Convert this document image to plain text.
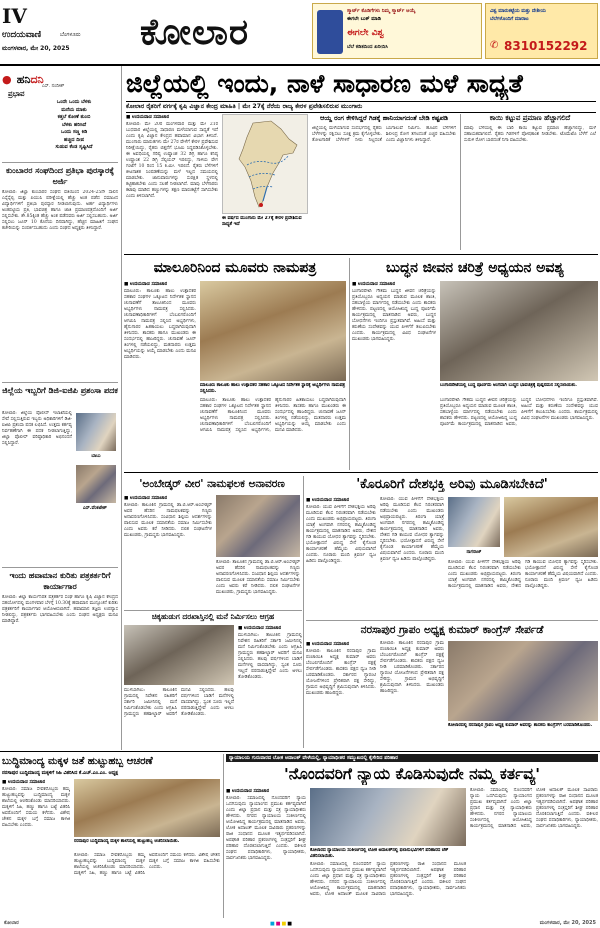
IV
ಉದಯವಾಣಿ	ಬೆಂಗಳೂರು
ಮಂಗಳವಾರ, ಮೇ 20, 2025 ಕೋಲಾರ
ಸ್ಮಾರ್ಟ್ ಕೊಡಿಗೆಗಳು ನಿಮ್ಮ ಸ್ಮಾರ್ಟ್ ಆಯ್ಕೆ
ಈಗಲೇ ಬುಕ್ ಮಾಡಿ
ಈಗಲೇ ವಿಶ್ವ
ಬೆಲೆ ಕಡಿತದಿಂದ ಖರೀದಿಸಿ
ವಿಶ್ವ ಮಾರುಕಟ್ಟೆಯ ಮತ್ತು ದೇಶೀಯ
ಬೆಲೆಗಳೊಂದಿಗೆ ಮಾರಾಟ
✆ 8310152292
● ಹನಿದನಿ
ಎಸ್. ನಂದೀಶ್
ಪ್ರಭಾವ
ಒಂದೇ ಒಂದು ಬೆಳಕು
ಮನೆಯ ಮಾತು
ಕತ್ತಲೆ ಕೋಣೆ ತುಂಬಿ
ಬೆಳಕು ಹರಿಸಿದೆ
ಒಂದು ಸಣ್ಣ ಕಿಡಿ
ಹಚ್ಚಿದ ದೀಪ
ಸುಡುವ ಕೆಂಡ ಸೃಷ್ಟಿಸಿದೆ
ಕುಂಬಾರರ ಸಂಘದಿಂದ ಪ್ರತಿಭಾ ಪುರಸ್ಕಾರಕ್ಕೆ ಅರ್ಜಿ
ಕೋಲಾರ: ಜಿಲ್ಲಾ ಕುಂಬಾರರ ಸಂಘದ ವತಿಯಿಂದ 2024-25ನೇ ಸಾಲಿನ ಎಸ್ಸೆಸ್ಸೆಲ್ಸಿ ಮತ್ತು ಪಿಯುಸಿ ಪರೀಕ್ಷೆಯಲ್ಲಿ ಹೆಚ್ಚು ಅಂಕ ಪಡೆದ ಸಮಾಜದ ವಿದ್ಯಾರ್ಥಿಗಳಿಗೆ ಪ್ರತಿಭಾ ಪುರಸ್ಕಾರ ನೀಡಲಾಗುವುದು. ಅರ್ಹ ವಿದ್ಯಾರ್ಥಿಗಳು ಅಂಕಪಟ್ಟಿಯ ಪ್ರತಿ, ಭಾವಚಿತ್ರ ಹಾಗೂ ಜಾತಿ ಪ್ರಮಾಣಪತ್ರದೊಂದಿಗೆ ಅರ್ಜಿ ಸಲ್ಲಿಸಬೇಕು. ಶೇ.85ಕ್ಕಿಂತ ಹೆಚ್ಚು ಅಂಕ ಪಡೆದವರು ಅರ್ಜಿ ಸಲ್ಲಿಸಬಹುದು. ಅರ್ಜಿ ಸಲ್ಲಿಸಲು ಜೂನ್ 10 ಕೊನೆಯ ದಿನವಾಗಿದ್ದು, ಹೆಚ್ಚಿನ ಮಾಹಿತಿಗೆ ಸಂಘದ ಕಚೇರಿಯನ್ನು ಸಂಪರ್ಕಿಸಬಹುದು ಎಂದು ಸಂಘದ ಅಧ್ಯಕ್ಷರು ತಿಳಿಸಿದ್ದಾರೆ.
ಜಿಲ್ಲೆಯ ಇಬ್ಬರಿಗೆ ಡಿಜಿ-ಐಜಿಪಿ ಪ್ರಶಂಸಾ ಪದಕ
ಕೋಲಾರ: ಜಿಲ್ಲೆಯ ಪೊಲೀಸ್ ಇಲಾಖೆಯಲ್ಲಿ ಸೇವೆ ಸಲ್ಲಿಸುತ್ತಿರುವ ಇಬ್ಬರು ಅಧಿಕಾರಿಗಳಿಗೆ ಡಿಜಿ-ಐಜಿಪಿ ಪ್ರಶಂಸಾ ಪದಕ ಲಭಿಸಿದೆ. ಉತ್ತಮ ಕರ್ತವ್ಯ ನಿರ್ವಹಣೆಗಾಗಿ ಈ ಪದಕ ನೀಡಲಾಗುತ್ತಿದ್ದು, ಜಿಲ್ಲಾ ಪೊಲೀಸ್ ವರಿಷ್ಠಾಧಿಕಾರಿ ಅಭಿನಂದನೆ ಸಲ್ಲಿಸಿದ್ದಾರೆ.
ಬಾಬು
ಎಸ್.ವೆಂಕಟೇಶ್
ಇಂದು ಹವಾಮಾನ ಕುರಿತು ಪತ್ರಕರ್ತರಿಗೆ ಕಾರ್ಯಾಗಾರ
ಕೋಲಾರ: ಜಿಲ್ಲಾ ಕಾರ್ಯನಿರತ ಪತ್ರಕರ್ತರ ಸಂಘ ಹಾಗೂ ಕೃಷಿ ವಿಜ್ಞಾನ ಕೇಂದ್ರದ ಸಹಯೋಗದಲ್ಲಿ ಮಂಗಳವಾರ ಬೆಳಗ್ಗೆ 10.30ಕ್ಕೆ ಹವಾಮಾನ ಮುನ್ಸೂಚನೆ ಕುರಿತು ಪತ್ರಕರ್ತರಿಗೆ ಕಾರ್ಯಾಗಾರ ಆಯೋಜಿಸಲಾಗಿದೆ. ಹವಾಮಾನ ತಜ್ಞರು ಉಪನ್ಯಾಸ ನೀಡಲಿದ್ದು, ಪತ್ರಕರ್ತರು ಭಾಗವಹಿಸಬೇಕು ಎಂದು ಸಂಘದ ಅಧ್ಯಕ್ಷರು ಮನವಿ ಮಾಡಿದ್ದಾರೆ.
ಜಿಲ್ಲೆಯಲ್ಲಿ ಇಂದು, ನಾಳೆ ಸಾಧಾರಣ ಮಳೆ ಸಾಧ್ಯತೆ
ಕೋಲಾರ ರೈತರಿಗೆ ವರ್ಗಕ್ಕೆ ಕೃಷಿ ವಿಜ್ಞಾನ ಕೇಂದ್ರ ಮಾಹಿತಿ | ಮೇ 27ಕ್ಕೆ ನೆರೆಯ ರಾಜ್ಯ ಕೇರಳ ಪ್ರವೇಶಿಸಲಿರುವ ಮುಂಗಾರು
■ ಉದಯವಾಣಿ ಸಮಾಚಾರ
ಕೋಲಾರ: ಮೇ 20ರ ಮಂಗಳವಾರ ಮತ್ತು ಮೇ 21ರ ಬುಧವಾರ ಜಿಲ್ಲೆಯಲ್ಲಿ ಸಾಧಾರಣ ಮಳೆಯಾಗುವ ಸಾಧ್ಯತೆ ಇದೆ ಎಂದು ಕೃಷಿ ವಿಜ್ಞಾನ ಕೇಂದ್ರದ ಹವಾಮಾನ ವಿಭಾಗ ತಿಳಿಸಿದೆ. ಮುಂಗಾರು ಮಾರುತಗಳು ಮೇ 27ರ ವೇಳೆಗೆ ಕೇರಳ ಪ್ರವೇಶಿಸುವ ನಿರೀಕ್ಷೆಯಿದ್ದು, ರೈತರು ಬಿತ್ತನೆಗೆ ಭೂಮಿ ಸಿದ್ಧಪಡಿಸಿಕೊಳ್ಳಬೇಕು. ಈ ಅವಧಿಯಲ್ಲಿ ಗರಿಷ್ಠ ಉಷ್ಣಾಂಶ 32 ಡಿಗ್ರಿ ಹಾಗೂ ಕನಿಷ್ಠ ಉಷ್ಣಾಂಶ 22 ಡಿಗ್ರಿ ಸೆಲ್ಸಿಯಸ್ ಇರಲಿದ್ದು, ಗಾಳಿಯ ವೇಗ ಗಂಟೆಗೆ 10 ರಿಂದ 15 ಕಿ.ಮೀ. ಇರಲಿದೆ. ರೈತರು ಬೆಳೆಗಳಿಗೆ ಕೀಟನಾಶಕ ಸಿಂಪಡಣೆಯನ್ನು ಮಳೆ ಇಲ್ಲದ ಸಮಯದಲ್ಲಿ ಮಾಡಬೇಕು. ಜಾನುವಾರುಗಳನ್ನು ಸುರಕ್ಷಿತ ಸ್ಥಳದಲ್ಲಿ ಕಟ್ಟಿಹಾಕಬೇಕು ಎಂದು ಸಲಹೆ ನೀಡಲಾಗಿದೆ. ಮಾವು ಬೆಳೆಗಾರರು ಕಟಾವು ಮಾಡಿದ ಹಣ್ಣುಗಳನ್ನು ತಕ್ಷಣ ಮಾರುಕಟ್ಟೆಗೆ ಸಾಗಿಸಬೇಕು ಎಂದು ತಿಳಿಸಲಾಗಿದೆ.
ಈ ವರ್ಷದ ಮುಂಗಾರು ಮೇ 27ಕ್ಕೆ ಕೇರಳ ಪ್ರವೇಶಿಸುವ ಸಾಧ್ಯತೆ ಇದೆ
ಆಯ್ದ ರಂಗ ಕೇಳಿಸಿದ್ದರೆ ಗಿಡಕ್ಕೆ ಹಾನಿಯಾಗದಂತೆ ಬೇಡಿ ಕಷ್ಟಪಡಿ
ಜಿಲ್ಲೆಯಲ್ಲಿ ಮಳೆಯಾಗುವ ಸಂದರ್ಭದಲ್ಲಿ ರೈತರು ಬೆಳೆಗಳನ್ನು ರಕ್ಷಿಸಲು ಸೂಕ್ತ ಕ್ರಮ ಕೈಗೊಳ್ಳಬೇಕು. ತೋಟಗಾರಿಕೆ ಬೆಳೆಗಳಿಗೆ ನೀರು ನಿಲ್ಲದಂತೆ ಬಸಿಗಾಲುವೆ ನಿರ್ಮಿಸಿ. ಹೂವಿನ ಬೆಳೆಗಳಿಗೆ ಶಿಲೀಂಧ್ರ ರೋಗ ತಗಲದಂತೆ ಎಚ್ಚರ ವಹಿಸಬೇಕು ಎಂದು ವಿಜ್ಞಾನಿಗಳು ತಿಳಿಸಿದ್ದಾರೆ.
ಕಾಯಿ ಕಟ್ಟುವ ಪ್ರಮಾಣ ಹೆಚ್ಚಾಗಲಿದೆ
ಮಾವು ಬೆಳೆಯಲ್ಲಿ ಈ ಬಾರಿ ಕಾಯಿ ಕಟ್ಟುವ ಪ್ರಮಾಣ ಹೆಚ್ಚಾಗಲಿದ್ದು, ಮಳೆ ಸಹಾಯಕವಾಗಲಿದೆ. ರೈತರು ಗಿಡಗಳಿಗೆ ಪೋಷಕಾಂಶ ನೀಡಬೇಕು. ಟೊಮೆಟೊ ಬೆಳೆಗೆ ಎಲೆ ಸುರುಳಿ ರೋಗ ಬಾರದಂತೆ ನಿಗಾ ವಹಿಸಬೇಕು.
ಮಾಲೂರಿನಿಂದ ಮೂವರು ನಾಮಪತ್ರ
■ ಉದಯವಾಣಿ ಸಮಾಚಾರ
ಮಾಲೂರು: ತಾಲೂಕು ಹಾಲು ಉತ್ಪಾದಕರ ಸಹಕಾರ ಸಂಘಗಳ ಒಕ್ಕೂಟದ ನಿರ್ದೇಶಕ ಸ್ಥಾನದ ಚುನಾವಣೆಗೆ ತಾಲೂಕಿನಿಂದ ಮೂವರು ಅಭ್ಯರ್ಥಿಗಳು ನಾಮಪತ್ರ ಸಲ್ಲಿಸಿದರು. ಚುನಾವಣಾಧಿಕಾರಿಗಳಿಗೆ ಬೆಂಬಲಿಗರೊಂದಿಗೆ ಆಗಮಿಸಿ ನಾಮಪತ್ರ ಸಲ್ಲಿಸಿದ ಅಭ್ಯರ್ಥಿಗಳು, ಹೈನುಗಾರರ ಹಿತಕಾಯಲು ಬದ್ಧರಾಗಿರುವುದಾಗಿ ತಿಳಿಸಿದರು. ಶಾಸಕರು ಹಾಗೂ ಮುಖಂಡರು ಈ ಸಂದರ್ಭದಲ್ಲಿ ಹಾಜರಿದ್ದರು. ಚುನಾವಣೆ ಜೂನ್ ತಿಂಗಳಲ್ಲಿ ನಡೆಯಲಿದ್ದು, ಮತದಾರರು ಉತ್ತಮ ಅಭ್ಯರ್ಥಿಯನ್ನು ಆಯ್ಕೆ ಮಾಡಬೇಕು ಎಂದು ಮನವಿ ಮಾಡಿದರು.
ಮಾಲೂರು ತಾಲೂಕು ಹಾಲು ಉತ್ಪಾದಕರ ಸಹಕಾರ ಒಕ್ಕೂಟದ ನಿರ್ದೇಶಕ ಸ್ಥಾನಕ್ಕೆ ಅಭ್ಯರ್ಥಿಗಳು ನಾಮಪತ್ರ ಸಲ್ಲಿಸಿದರು.
ಮಾಲೂರು: ತಾಲೂಕು ಹಾಲು ಉತ್ಪಾದಕರ ಸಹಕಾರ ಸಂಘಗಳ ಒಕ್ಕೂಟದ ನಿರ್ದೇಶಕ ಸ್ಥಾನದ ಚುನಾವಣೆಗೆ ತಾಲೂಕಿನಿಂದ ಮೂವರು ಅಭ್ಯರ್ಥಿಗಳು ನಾಮಪತ್ರ ಸಲ್ಲಿಸಿದರು. ಚುನಾವಣಾಧಿಕಾರಿಗಳಿಗೆ ಬೆಂಬಲಿಗರೊಂದಿಗೆ ಆಗಮಿಸಿ ನಾಮಪತ್ರ ಸಲ್ಲಿಸಿದ ಅಭ್ಯರ್ಥಿಗಳು, ಹೈನುಗಾರರ ಹಿತಕಾಯಲು ಬದ್ಧರಾಗಿರುವುದಾಗಿ ತಿಳಿಸಿದರು. ಶಾಸಕರು ಹಾಗೂ ಮುಖಂಡರು ಈ ಸಂದರ್ಭದಲ್ಲಿ ಹಾಜರಿದ್ದರು. ಚುನಾವಣೆ ಜೂನ್ ತಿಂಗಳಲ್ಲಿ ನಡೆಯಲಿದ್ದು, ಮತದಾರರು ಉತ್ತಮ ಅಭ್ಯರ್ಥಿಯನ್ನು ಆಯ್ಕೆ ಮಾಡಬೇಕು ಎಂದು ಮನವಿ ಮಾಡಿದರು.
ಬುದ್ಧನ ಜೀವನ ಚರಿತ್ರೆ ಅಧ್ಯಯನ ಅವಶ್ಯ
■ ಉದಯವಾಣಿ ಸಮಾಚಾರ
ಬಂಗಾರಪೇಟೆ: ಗೌತಮ ಬುದ್ಧನ ಜೀವನ ಚರಿತ್ರೆಯನ್ನು ಪ್ರತಿಯೊಬ್ಬರೂ ಅಧ್ಯಯನ ಮಾಡುವ ಮೂಲಕ ಶಾಂತಿ, ಸಹಬಾಳ್ವೆಯ ಮಾರ್ಗದಲ್ಲಿ ನಡೆಯಬೇಕು ಎಂದು ಶಾಸಕರು ಹೇಳಿದರು. ಪಟ್ಟಣದಲ್ಲಿ ಆಯೋಜಿಸಿದ್ದ ಬುದ್ಧ ಪೂರ್ಣಿಮೆ ಕಾರ್ಯಕ್ರಮದಲ್ಲಿ ಮಾತನಾಡಿದ ಅವರು, ಬುದ್ಧನ ಬೋಧನೆಗಳು ಇಂದಿಗೂ ಪ್ರಸ್ತುತವಾಗಿವೆ. ಅಹಿಂಸೆ ಮತ್ತು ಕರುಣೆಯ ಸಂದೇಶವನ್ನು ಯುವ ಪೀಳಿಗೆಗೆ ತಲುಪಿಸಬೇಕು ಎಂದರು. ಕಾರ್ಯಕ್ರಮದಲ್ಲಿ ವಿವಿಧ ಸಂಘಟನೆಗಳ ಮುಖಂಡರು ಭಾಗವಹಿಸಿದ್ದರು.
ಬಂಗಾರಪೇಟೆಯಲ್ಲಿ ಬುದ್ಧ ಪೂರ್ಣಿಮೆ ಅಂಗವಾಗಿ ಬುದ್ಧನ ಭಾವಚಿತ್ರಕ್ಕೆ ಪುಷ್ಪನಮನ ಸಲ್ಲಿಸಲಾಯಿತು.
ಬಂಗಾರಪೇಟೆ: ಗೌತಮ ಬುದ್ಧನ ಜೀವನ ಚರಿತ್ರೆಯನ್ನು ಪ್ರತಿಯೊಬ್ಬರೂ ಅಧ್ಯಯನ ಮಾಡುವ ಮೂಲಕ ಶಾಂತಿ, ಸಹಬಾಳ್ವೆಯ ಮಾರ್ಗದಲ್ಲಿ ನಡೆಯಬೇಕು ಎಂದು ಶಾಸಕರು ಹೇಳಿದರು. ಪಟ್ಟಣದಲ್ಲಿ ಆಯೋಜಿಸಿದ್ದ ಬುದ್ಧ ಪೂರ್ಣಿಮೆ ಕಾರ್ಯಕ್ರಮದಲ್ಲಿ ಮಾತನಾಡಿದ ಅವರು, ಬುದ್ಧನ ಬೋಧನೆಗಳು ಇಂದಿಗೂ ಪ್ರಸ್ತುತವಾಗಿವೆ. ಅಹಿಂಸೆ ಮತ್ತು ಕರುಣೆಯ ಸಂದೇಶವನ್ನು ಯುವ ಪೀಳಿಗೆಗೆ ತಲುಪಿಸಬೇಕು ಎಂದರು. ಕಾರ್ಯಕ್ರಮದಲ್ಲಿ ವಿವಿಧ ಸಂಘಟನೆಗಳ ಮುಖಂಡರು ಭಾಗವಹಿಸಿದ್ದರು.
'ಅಂಬೇಡ್ಕರ್ ವೀರ' ನಾಮಫಲಕ ಅನಾವರಣ
■ ಉದಯವಾಣಿ ಸಮಾಚಾರ
ಕೋಲಾರ: ತಾಲೂಕಿನ ಗ್ರಾಮದಲ್ಲಿ ಡಾ.ಬಿ.ಆರ್.ಅಂಬೇಡ್ಕರ್ ಅವರ ಹೆಸರಿನ ನಾಮಫಲಕವನ್ನು ಗಣ್ಯರು ಅನಾವರಣಗೊಳಿಸಿದರು. ಸಂವಿಧಾನ ಶಿಲ್ಪಿಯ ಆದರ್ಶಗಳನ್ನು ಪಾಲಿಸುವ ಮೂಲಕ ಸಮಾನತೆಯ ಸಮಾಜ ನಿರ್ಮಿಸಬೇಕು ಎಂದು ಅವರು ಕರೆ ನೀಡಿದರು. ದಲಿತ ಸಂಘಟನೆಗಳ ಮುಖಂಡರು, ಗ್ರಾಮಸ್ಥರು ಭಾಗವಹಿಸಿದ್ದರು.
ಕೋಲಾರ: ತಾಲೂಕಿನ ಗ್ರಾಮದಲ್ಲಿ ಡಾ.ಬಿ.ಆರ್.ಅಂಬೇಡ್ಕರ್ ಅವರ ಹೆಸರಿನ ನಾಮಫಲಕವನ್ನು ಗಣ್ಯರು ಅನಾವರಣಗೊಳಿಸಿದರು. ಸಂವಿಧಾನ ಶಿಲ್ಪಿಯ ಆದರ್ಶಗಳನ್ನು ಪಾಲಿಸುವ ಮೂಲಕ ಸಮಾನತೆಯ ಸಮಾಜ ನಿರ್ಮಿಸಬೇಕು ಎಂದು ಅವರು ಕರೆ ನೀಡಿದರು. ದಲಿತ ಸಂಘಟನೆಗಳ ಮುಖಂಡರು, ಗ್ರಾಮಸ್ಥರು ಭಾಗವಹಿಸಿದ್ದರು.
'ಕೊರೂರಿಗೆ ದೇಶಭಕ್ತಿ ಅರಿವು ಮೂಡಿಸಬೇಕಿದೆ'
■ ಉದಯವಾಣಿ ಸಮಾಚಾರ
ಕೋಲಾರ: ಯುವ ಪೀಳಿಗೆಗೆ ದೇಶಭಕ್ತಿಯ ಅರಿವು ಮೂಡಿಸುವ ಕೆಲಸ ನಿರಂತರವಾಗಿ ನಡೆಯಬೇಕು ಎಂದು ಮುಖಂಡರು ಅಭಿಪ್ರಾಯಪಟ್ಟರು. ತಿರಂಗಾ ಯಾತ್ರೆ ಅಂಗವಾಗಿ ನಗರದಲ್ಲಿ ಹಮ್ಮಿಕೊಂಡಿದ್ದ ಕಾರ್ಯಕ್ರಮದಲ್ಲಿ ಮಾತನಾಡಿದ ಅವರು, ದೇಶದ ಗಡಿ ಕಾಯುವ ಯೋಧರ ತ್ಯಾಗವನ್ನು ಸ್ಮರಿಸಬೇಕು. ಭಯೋತ್ಪಾದನೆ ವಿರುದ್ಧ ಸೇನೆ ಕೈಗೊಂಡ ಕಾರ್ಯಾಚರಣೆ ಹೆಮ್ಮೆಯ ವಿಷಯವಾಗಿದೆ ಎಂದರು. ನೂರಾರು ಮಂದಿ ತ್ರಿವರ್ಣ ಧ್ವಜ ಹಿಡಿದು ಪಾಲ್ಗೊಂಡಿದ್ದರು.
ಕೋಲಾರ: ಯುವ ಪೀಳಿಗೆಗೆ ದೇಶಭಕ್ತಿಯ ಅರಿವು ಮೂಡಿಸುವ ಕೆಲಸ ನಿರಂತರವಾಗಿ ನಡೆಯಬೇಕು ಎಂದು ಮುಖಂಡರು ಅಭಿಪ್ರಾಯಪಟ್ಟರು. ತಿರಂಗಾ ಯಾತ್ರೆ ಅಂಗವಾಗಿ ನಗರದಲ್ಲಿ ಹಮ್ಮಿಕೊಂಡಿದ್ದ ಕಾರ್ಯಕ್ರಮದಲ್ಲಿ ಮಾತನಾಡಿದ ಅವರು, ದೇಶದ ಗಡಿ ಕಾಯುವ ಯೋಧರ ತ್ಯಾಗವನ್ನು ಸ್ಮರಿಸಬೇಕು. ಭಯೋತ್ಪಾದನೆ ವಿರುದ್ಧ ಸೇನೆ ಕೈಗೊಂಡ ಕಾರ್ಯಾಚರಣೆ ಹೆಮ್ಮೆಯ ವಿಷಯವಾಗಿದೆ ಎಂದರು. ನೂರಾರು ಮಂದಿ ತ್ರಿವರ್ಣ ಧ್ವಜ ಹಿಡಿದು ಪಾಲ್ಗೊಂಡಿದ್ದರು.
ನಾಗರಾಜ್
ಕೋಲಾರ: ಯುವ ಪೀಳಿಗೆಗೆ ದೇಶಭಕ್ತಿಯ ಅರಿವು ಮೂಡಿಸುವ ಕೆಲಸ ನಿರಂತರವಾಗಿ ನಡೆಯಬೇಕು ಎಂದು ಮುಖಂಡರು ಅಭಿಪ್ರಾಯಪಟ್ಟರು. ತಿರಂಗಾ ಯಾತ್ರೆ ಅಂಗವಾಗಿ ನಗರದಲ್ಲಿ ಹಮ್ಮಿಕೊಂಡಿದ್ದ ಕಾರ್ಯಕ್ರಮದಲ್ಲಿ ಮಾತನಾಡಿದ ಅವರು, ದೇಶದ ಗಡಿ ಕಾಯುವ ಯೋಧರ ತ್ಯಾಗವನ್ನು ಸ್ಮರಿಸಬೇಕು. ಭಯೋತ್ಪಾದನೆ ವಿರುದ್ಧ ಸೇನೆ ಕೈಗೊಂಡ ಕಾರ್ಯಾಚರಣೆ ಹೆಮ್ಮೆಯ ವಿಷಯವಾಗಿದೆ ಎಂದರು. ನೂರಾರು ಮಂದಿ ತ್ರಿವರ್ಣ ಧ್ವಜ ಹಿಡಿದು ಪಾಲ್ಗೊಂಡಿದ್ದರು.
ಚಿಕ್ಕಹುಡುಗ ದರಖಾಸ್ತಿನಲ್ಲಿ ಮನೆ ನಿರ್ಮಿಸಲು ಆಗ್ರಹ
■ ಉದಯವಾಣಿ ಸಮಾಚಾರ
ಮುಳಬಾಗಿಲು: ತಾಲೂಕಿನ ಗ್ರಾಮದಲ್ಲಿ ನಿವೇಶನ ರಹಿತರಿಗೆ ಸರ್ಕಾರಿ ಜಮೀನಿನಲ್ಲಿ ಮನೆ ನಿರ್ಮಿಸಿಕೊಡಬೇಕು ಎಂದು ಆಗ್ರಹಿಸಿ ಗ್ರಾಮಸ್ಥರು ತಹಶೀಲ್ದಾರ್ ಅವರಿಗೆ ಮನವಿ ಸಲ್ಲಿಸಿದರು. ಹಲವು ವರ್ಷಗಳಿಂದ ಬಾಡಿಗೆ ಮನೆಗಳಲ್ಲಿ ವಾಸವಾಗಿದ್ದು, ಸ್ವಂತ ಸೂರು ಇಲ್ಲದೆ ಪರದಾಡುತ್ತಿದ್ದೇವೆ ಎಂದು ಅಳಲು ತೋಡಿಕೊಂಡರು.
ಮುಳಬಾಗಿಲು: ತಾಲೂಕಿನ ಗ್ರಾಮದಲ್ಲಿ ನಿವೇಶನ ರಹಿತರಿಗೆ ಸರ್ಕಾರಿ ಜಮೀನಿನಲ್ಲಿ ಮನೆ ನಿರ್ಮಿಸಿಕೊಡಬೇಕು ಎಂದು ಆಗ್ರಹಿಸಿ ಗ್ರಾಮಸ್ಥರು ತಹಶೀಲ್ದಾರ್ ಅವರಿಗೆ ಮನವಿ ಸಲ್ಲಿಸಿದರು. ಹಲವು ವರ್ಷಗಳಿಂದ ಬಾಡಿಗೆ ಮನೆಗಳಲ್ಲಿ ವಾಸವಾಗಿದ್ದು, ಸ್ವಂತ ಸೂರು ಇಲ್ಲದೆ ಪರದಾಡುತ್ತಿದ್ದೇವೆ ಎಂದು ಅಳಲು ತೋಡಿಕೊಂಡರು.
ನರಸಾಪುರ ಗ್ರಾಪಂ ಅಧ್ಯಕ್ಷ ಕುಮಾರ್ ಕಾಂಗ್ರೆಸ್ ಸೇರ್ಪಡೆ
■ ಉದಯವಾಣಿ ಸಮಾಚಾರ
ಕೋಲಾರ: ತಾಲೂಕಿನ ನರಸಾಪುರ ಗ್ರಾಮ ಪಂಚಾಯಿತಿ ಅಧ್ಯಕ್ಷ ಕುಮಾರ್ ಅವರು ಬೆಂಬಲಿಗರೊಂದಿಗೆ ಕಾಂಗ್ರೆಸ್ ಪಕ್ಷಕ್ಕೆ ಸೇರ್ಪಡೆಗೊಂಡರು. ಶಾಸಕರು ಪಕ್ಷದ ಧ್ವಜ ನೀಡಿ ಬರಮಾಡಿಕೊಂಡರು. ಸರ್ಕಾರದ ಗ್ಯಾರಂಟಿ ಯೋಜನೆಗಳಿಂದ ಪ್ರೇರಿತರಾಗಿ ಪಕ್ಷ ಸೇರಿದ್ದು, ಗ್ರಾಮದ ಅಭಿವೃದ್ಧಿಗೆ ಶ್ರಮಿಸುವುದಾಗಿ ತಿಳಿಸಿದರು. ಮುಖಂಡರು ಹಾಜರಿದ್ದರು.
ಕೋಲಾರ: ತಾಲೂಕಿನ ನರಸಾಪುರ ಗ್ರಾಮ ಪಂಚಾಯಿತಿ ಅಧ್ಯಕ್ಷ ಕುಮಾರ್ ಅವರು ಬೆಂಬಲಿಗರೊಂದಿಗೆ ಕಾಂಗ್ರೆಸ್ ಪಕ್ಷಕ್ಕೆ ಸೇರ್ಪಡೆಗೊಂಡರು. ಶಾಸಕರು ಪಕ್ಷದ ಧ್ವಜ ನೀಡಿ ಬರಮಾಡಿಕೊಂಡರು. ಸರ್ಕಾರದ ಗ್ಯಾರಂಟಿ ಯೋಜನೆಗಳಿಂದ ಪ್ರೇರಿತರಾಗಿ ಪಕ್ಷ ಸೇರಿದ್ದು, ಗ್ರಾಮದ ಅಭಿವೃದ್ಧಿಗೆ ಶ್ರಮಿಸುವುದಾಗಿ ತಿಳಿಸಿದರು. ಮುಖಂಡರು ಹಾಜರಿದ್ದರು.
ಕೋಲಾರದಲ್ಲಿ ನರಸಾಪುರ ಗ್ರಾಪಂ ಅಧ್ಯಕ್ಷ ಕುಮಾರ್ ಅವರನ್ನು ಶಾಸಕರು ಕಾಂಗ್ರೆಸ್‌ಗೆ ಬರಮಾಡಿಕೊಂಡರು.
ಬುದ್ಧಿಮಾಂದ್ಯ ಮಕ್ಕಳ ಜತೆ ಹುಟ್ಟುಹಬ್ಬ ಆಚರಣೆ
ನರಸಾಪುರ ಬುದ್ಧಿಮಾಂದ್ಯ ಮಕ್ಕಳಿಗೆ ಸಿಹಿ ವಿತರಿಸಿದ ಕೆ.ಎಚ್.ಎಂ.ಎಂ. ಅಧ್ಯಕ್ಷ
■ ಉದಯವಾಣಿ ಸಮಾಚಾರ
ಕೋಲಾರ: ಸಮಾಜ ಸೇವಕರೊಬ್ಬರು ತಮ್ಮ ಹುಟ್ಟುಹಬ್ಬವನ್ನು ಬುದ್ಧಿಮಾಂದ್ಯ ಮಕ್ಕಳ ಶಾಲೆಯಲ್ಲಿ ಆಚರಿಸಿಕೊಂಡು ಮಾದರಿಯಾದರು. ಮಕ್ಕಳಿಗೆ ಸಿಹಿ, ಹಣ್ಣು ಹಾಗೂ ಬಟ್ಟೆ ವಿತರಿಸಿ ಅವರೊಂದಿಗೆ ಸಮಯ ಕಳೆದರು. ವಿಶೇಷ ಚೇತನ ಮಕ್ಕಳ ಬಗ್ಗೆ ಸಮಾಜ ಕಾಳಜಿ ವಹಿಸಬೇಕು ಎಂದರು.
ನರಸಾಪುರ ಬುದ್ಧಿಮಾಂದ್ಯ ಮಕ್ಕಳ ಶಾಲೆಯಲ್ಲಿ ಹುಟ್ಟುಹಬ್ಬ ಆಚರಿಸಲಾಯಿತು.
ಕೋಲಾರ: ಸಮಾಜ ಸೇವಕರೊಬ್ಬರು ತಮ್ಮ ಹುಟ್ಟುಹಬ್ಬವನ್ನು ಬುದ್ಧಿಮಾಂದ್ಯ ಮಕ್ಕಳ ಶಾಲೆಯಲ್ಲಿ ಆಚರಿಸಿಕೊಂಡು ಮಾದರಿಯಾದರು. ಮಕ್ಕಳಿಗೆ ಸಿಹಿ, ಹಣ್ಣು ಹಾಗೂ ಬಟ್ಟೆ ವಿತರಿಸಿ ಅವರೊಂದಿಗೆ ಸಮಯ ಕಳೆದರು. ವಿಶೇಷ ಚೇತನ ಮಕ್ಕಳ ಬಗ್ಗೆ ಸಮಾಜ ಕಾಳಜಿ ವಹಿಸಬೇಕು ಎಂದರು.
ನ್ಯಾಯಾಲಯ ಗುರುವಾರದ ಲೋಕ ಅದಾಲತ್ ವೇಳೆಯಲ್ಲಿ, ನ್ಯಾಯಾಧೀಶರ ಸಮ್ಮುಖದಲ್ಲಿ ಕೈಸೇರಿದ ಪರಿಹಾರ
'ನೊಂದವರಿಗೆ ನ್ಯಾಯ ಕೊಡಿಸುವುದೇ ನಮ್ಮ ಕರ್ತವ್ಯ'
■ ಉದಯವಾಣಿ ಸಮಾಚಾರ
ಕೋಲಾರ: ಸಮಾಜದಲ್ಲಿ ನೊಂದವರಿಗೆ ನ್ಯಾಯ ಒದಗಿಸುವುದು ನ್ಯಾಯಾಂಗದ ಪ್ರಮುಖ ಕರ್ತವ್ಯವಾಗಿದೆ ಎಂದು ಜಿಲ್ಲಾ ಪ್ರಧಾನ ಮತ್ತು ಸತ್ರ ನ್ಯಾಯಾಧೀಶರು ಹೇಳಿದರು. ನಗರದ ನ್ಯಾಯಾಲಯ ಸಂಕೀರ್ಣದಲ್ಲಿ ಆಯೋಜಿಸಿದ್ದ ಕಾರ್ಯಕ್ರಮದಲ್ಲಿ ಮಾತನಾಡಿದ ಅವರು, ಲೋಕ ಅದಾಲತ್ ಮೂಲಕ ಸಾವಿರಾರು ಪ್ರಕರಣಗಳನ್ನು ರಾಜಿ ಸಂಧಾನದ ಮೂಲಕ ಇತ್ಯರ್ಥಪಡಿಸಲಾಗಿದೆ. ಅಪಘಾತ ಪರಿಹಾರ ಪ್ರಕರಣಗಳಲ್ಲಿ ಸಂತ್ರಸ್ತರಿಗೆ ಶೀಘ್ರ ಪರಿಹಾರ ದೊರಕಿಸಲಾಗುತ್ತಿದೆ ಎಂದರು. ವಕೀಲರ ಸಂಘದ ಪದಾಧಿಕಾರಿಗಳು, ನ್ಯಾಯಾಧೀಶರು, ಸಾರ್ವಜನಿಕರು ಭಾಗವಹಿಸಿದ್ದರು.
ಕೋಲಾರದ ನ್ಯಾಯಾಲಯ ಸಂಕೀರ್ಣದಲ್ಲಿ ಲೋಕ ಅದಾಲತ್‌ನಲ್ಲಿ ಫಲಾನುಭವಿಗಳಿಗೆ ಪರಿಹಾರದ ಚೆಕ್ ವಿತರಿಸಲಾಯಿತು.
ಕೋಲಾರ: ಸಮಾಜದಲ್ಲಿ ನೊಂದವರಿಗೆ ನ್ಯಾಯ ಒದಗಿಸುವುದು ನ್ಯಾಯಾಂಗದ ಪ್ರಮುಖ ಕರ್ತವ್ಯವಾಗಿದೆ ಎಂದು ಜಿಲ್ಲಾ ಪ್ರಧಾನ ಮತ್ತು ಸತ್ರ ನ್ಯಾಯಾಧೀಶರು ಹೇಳಿದರು. ನಗರದ ನ್ಯಾಯಾಲಯ ಸಂಕೀರ್ಣದಲ್ಲಿ ಆಯೋಜಿಸಿದ್ದ ಕಾರ್ಯಕ್ರಮದಲ್ಲಿ ಮಾತನಾಡಿದ ಅವರು, ಲೋಕ ಅದಾಲತ್ ಮೂಲಕ ಸಾವಿರಾರು ಪ್ರಕರಣಗಳನ್ನು ರಾಜಿ ಸಂಧಾನದ ಮೂಲಕ ಇತ್ಯರ್ಥಪಡಿಸಲಾಗಿದೆ. ಅಪಘಾತ ಪರಿಹಾರ ಪ್ರಕರಣಗಳಲ್ಲಿ ಸಂತ್ರಸ್ತರಿಗೆ ಶೀಘ್ರ ಪರಿಹಾರ ದೊರಕಿಸಲಾಗುತ್ತಿದೆ ಎಂದರು. ವಕೀಲರ ಸಂಘದ ಪದಾಧಿಕಾರಿಗಳು, ನ್ಯಾಯಾಧೀಶರು, ಸಾರ್ವಜನಿಕರು ಭಾಗವಹಿಸಿದ್ದರು.
ಕೋಲಾರ: ಸಮಾಜದಲ್ಲಿ ನೊಂದವರಿಗೆ ನ್ಯಾಯ ಒದಗಿಸುವುದು ನ್ಯಾಯಾಂಗದ ಪ್ರಮುಖ ಕರ್ತವ್ಯವಾಗಿದೆ ಎಂದು ಜಿಲ್ಲಾ ಪ್ರಧಾನ ಮತ್ತು ಸತ್ರ ನ್ಯಾಯಾಧೀಶರು ಹೇಳಿದರು. ನಗರದ ನ್ಯಾಯಾಲಯ ಸಂಕೀರ್ಣದಲ್ಲಿ ಆಯೋಜಿಸಿದ್ದ ಕಾರ್ಯಕ್ರಮದಲ್ಲಿ ಮಾತನಾಡಿದ ಅವರು, ಲೋಕ ಅದಾಲತ್ ಮೂಲಕ ಸಾವಿರಾರು ಪ್ರಕರಣಗಳನ್ನು ರಾಜಿ ಸಂಧಾನದ ಮೂಲಕ ಇತ್ಯರ್ಥಪಡಿಸಲಾಗಿದೆ. ಅಪಘಾತ ಪರಿಹಾರ ಪ್ರಕರಣಗಳಲ್ಲಿ ಸಂತ್ರಸ್ತರಿಗೆ ಶೀಘ್ರ ಪರಿಹಾರ ದೊರಕಿಸಲಾಗುತ್ತಿದೆ ಎಂದರು. ವಕೀಲರ ಸಂಘದ ಪದಾಧಿಕಾರಿಗಳು, ನ್ಯಾಯಾಧೀಶರು, ಸಾರ್ವಜನಿಕರು ಭಾಗವಹಿಸಿದ್ದರು.
ಕೋಲಾರ	■■■■	ಮಂಗಳವಾರ, ಮೇ 20, 2025
